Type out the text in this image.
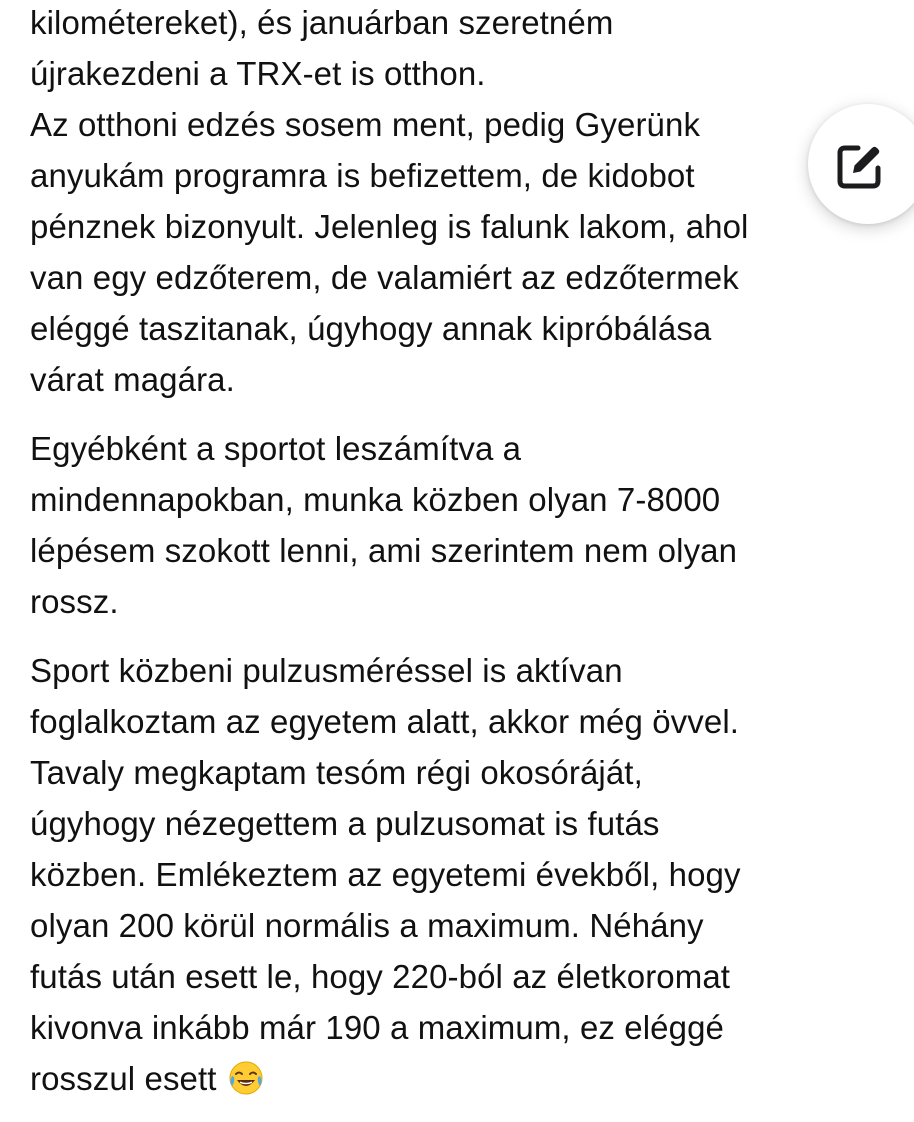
kilométereket), és januárban szeretném
újrakezdeni a TRX-et is otthon.
Az otthoni edzés sosem ment, pedig Gyerünk
anyukám programra is befizettem, de kidobot
pénznek bizonyult. Jelenleg is falunk lakom, ahol
van egy edzőterem, de valamiért az edzőtermek
eléggé taszitanak, úgyhogy annak kipróbálása
várat magára.

Egyébként a sportot leszámítva a
mindennapokban, munka közben olyan 7-8000
lépésem szokott lenni, ami szerintem nem olyan
rossz.

Sport közbeni pulzusméréssel is aktívan
foglalkoztam az egyetem alatt, akkor még övvel.
Tavaly megkaptam tesóm régi okosóráját,
úgyhogy nézegettem a pulzusomat is futás
közben. Emlékeztem az egyetemi évekből, hogy
olyan 200 körül normális a maximum. Néhány
futás után esett le, hogy 220-ból az életkoromat
kivonva inkább már 190 a maximum, ez eléggé
rosszul esett
